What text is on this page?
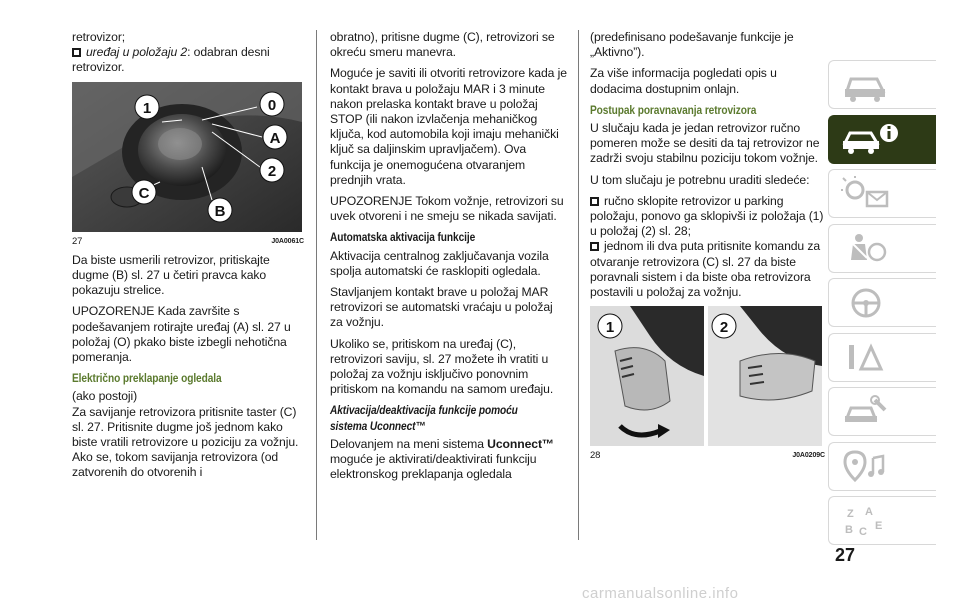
retrovizor;

uređaj u položaju 2: odabran desni retrovizor.

1	0
A
2
C
B
27	J0A0061C

Da biste usmerili retrovizor, pritiskajte dugme (B) sl. 27 u četiri pravca kako pokazuju strelice.

UPOZORENJE Kada završite s podešavanjem rotirajte uređaj (A) sl. 27 u položaj (O) pkako biste izbegli nehotična pomeranja.

Električno preklapanje ogledala

(ako postoji)

Za savijanje retrovizora pritisnite taster (C) sl. 27. Pritisnite dugme još jednom kako biste vratili retrovizore u poziciju za vožnju. Ako se, tokom savijanja retrovizora (od zatvorenih do otvorenih i

obratno), pritisne dugme (C), retrovizori se okreću smeru manevra.

Moguće je saviti ili otvoriti retrovizore kada je kontakt brava u položaju MAR i 3 minute nakon prelaska kontakt brave u položaj STOP (ili nakon izvlačenja mehaničkog ključa, kod automobila koji imaju mehanički ključ sa daljinskim upravljačem). Ova funkcija je onemogućena otvaranjem prednjih vrata.

UPOZORENJE Tokom vožnje, retrovizori su uvek otvoreni i ne smeju se nikada savijati.

Automatska aktivacija funkcije

Aktivacija centralnog zaključavanja vozila spolja automatski će rasklopiti ogledala.

Stavljanjem kontakt brave u položaj MAR retrovizori se automatski vraćaju u položaj za vožnju.

Ukoliko se, pritiskom na uređaj (C), retrovizori saviju, sl. 27 možete ih vratiti u položaj za vožnju isključivo ponovnim pritiskom na komandu na samom uređaju.

Aktivacija/deaktivacija funkcije pomoću
sistema Uconnect™

Delovanjem na meni sistema Uconnect™ moguće je aktivirati/deaktivirati funkciju elektronskog preklapanja ogledala

(predefinisano podešavanje funkcije je „Aktivno”).

Za više informacija pogledati opis u dodacima dostupnim onlajn.

Postupak poravnavanja retrovizora

U slučaju kada je jedan retrovizor ručno pomeren može se desiti da taj retrovizor ne zadrži svoju stabilnu poziciju tokom vožnje.

U tom slučaju je potrebnu uraditi sledeće:

ručno sklopite retrovizor u parking položaju, ponovo ga sklopivši iz položaja (1) u položaj (2) sl. 28;

jednom ili dva puta pritisnite komandu za otvaranje retrovizora (C) sl. 27 da biste poravnali sistem i da biste oba retrovizora postavili u položaj za vožnju.

1	2
28	J0A0209C
Z A
B C E
27
carmanualsonline.info
